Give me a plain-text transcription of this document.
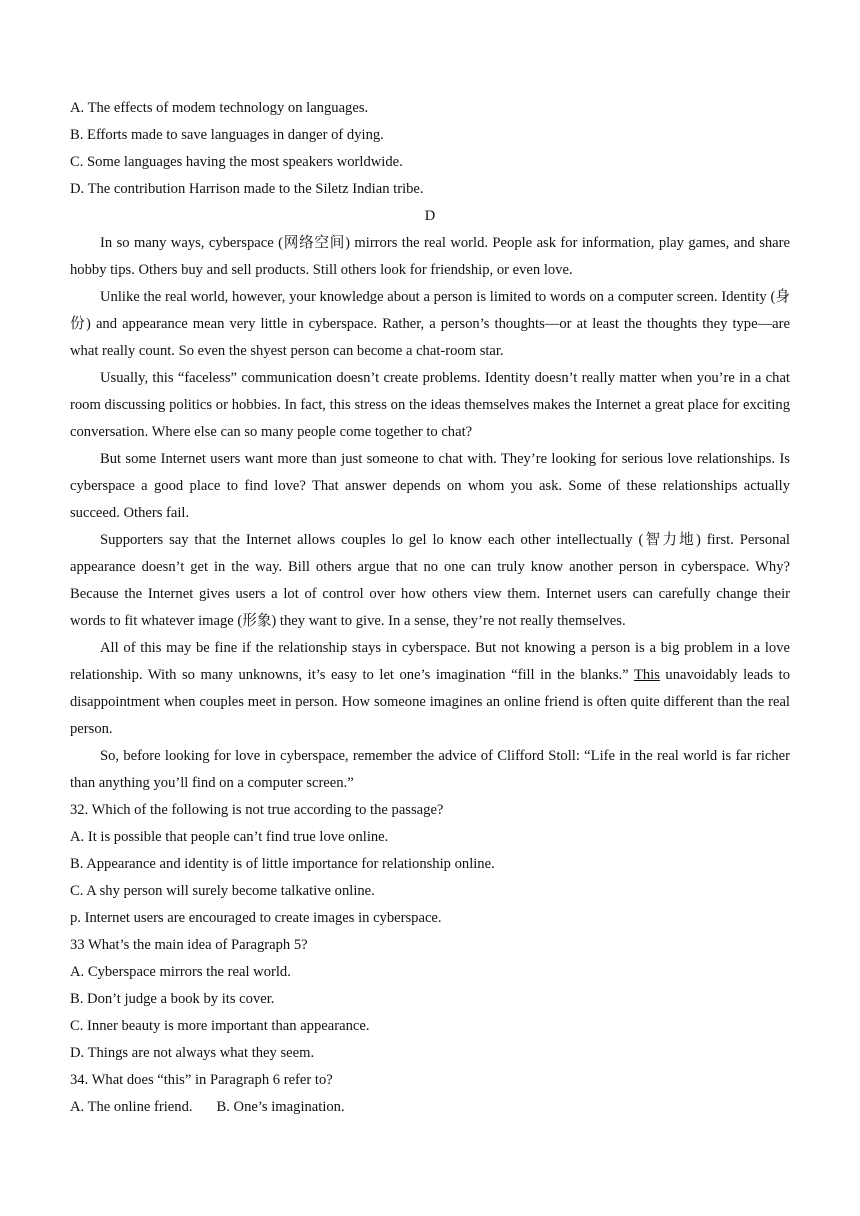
A. The effects of modem technology on languages.

B. Efforts made to save languages in danger of dying.

C. Some languages having the most speakers worldwide.

D. The contribution Harrison made to the Siletz Indian tribe.

D

In so many ways, cyberspace (网络空间) mirrors the real world. People ask for information, play games, and share hobby tips. Others buy and sell products. Still others look for friendship, or even love.

Unlike the real world, however, your knowledge about a person is limited to words on a computer screen. Identity (身份) and appearance mean very little in cyberspace. Rather, a person’s thoughts—or at least the thoughts they type—are what really count. So even the shyest person can become a chat-room star.

Usually, this “faceless” communication doesn’t create problems. Identity doesn’t really matter when you’re in a chat room discussing politics or hobbies. In fact, this stress on the ideas themselves makes the Internet a great place for exciting conversation. Where else can so many people come together to chat?

But some Internet users want more than just someone to chat with. They’re looking for serious love relationships. Is cyberspace a good place to find love? That answer depends on whom you ask. Some of these relationships actually succeed. Others fail.

Supporters say that the Internet allows couples lo gel lo know each other intellectually (智力地) first. Personal appearance doesn’t get in the way. Bill others argue that no one can truly know another person in cyberspace. Why? Because the Internet gives users a lot of control over how others view them. Internet users can carefully change their words to fit whatever image (形象) they want to give. In a sense, they’re not really themselves.

All of this may be fine if the relationship stays in cyberspace. But not knowing a person is a big problem in a love relationship. With so many unknowns, it’s easy to let one’s imagination “fill in the blanks.” This unavoidably leads to disappointment when couples meet in person. How someone imagines an online friend is often quite different than the real person.

So, before looking for love in cyberspace, remember the advice of Clifford Stoll: “Life in the real world is far richer than anything you’ll find on a computer screen.”

32. Which of the following is not true according to the passage?

A. It is possible that people can’t find true love online.

B. Appearance and identity is of little importance for relationship online.

C. A shy person will surely become talkative online.

p. Internet users are encouraged to create images in cyberspace.

33 What’s the main idea of Paragraph 5?

A. Cyberspace mirrors the real world.

B. Don’t judge a book by its cover.

C. Inner beauty is more important than appearance.

D. Things are not always what they seem.

34. What does “this” in Paragraph 6 refer to?

A. The online friend. B. One’s imagination.
